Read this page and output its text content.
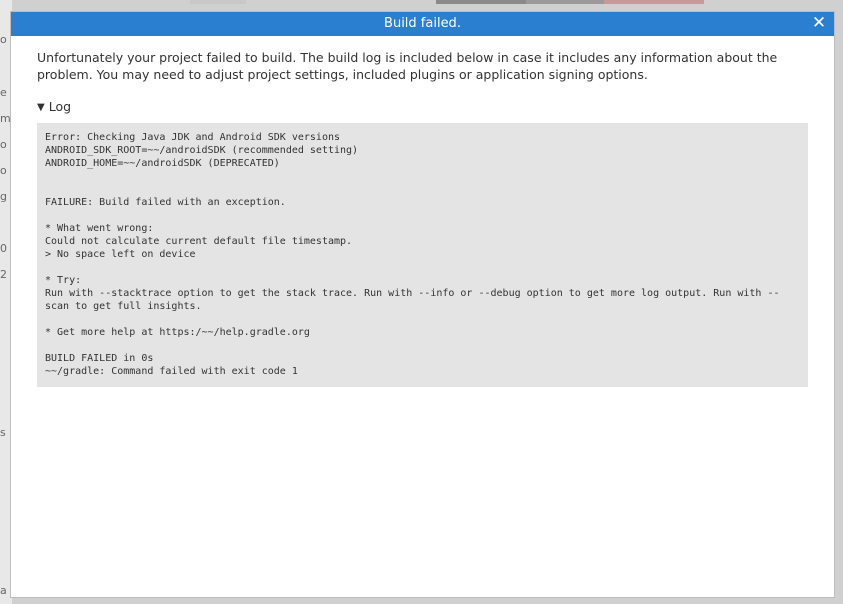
o
e
m
o
o
g
0
2
s
a
Build failed.	✕

Unfortunately your project failed to build. The build log is included below in case it includes any information about the problem. You may need to adjust project settings, included plugins or application signing options.

▼ Log
Error: Checking Java JDK and Android SDK versions
ANDROID_SDK_ROOT=~~/androidSDK (recommended setting)
ANDROID_HOME=~~/androidSDK (DEPRECATED)

FAILURE: Build failed with an exception.

* What went wrong:
Could not calculate current default file timestamp.
> No space left on device

* Try:
Run with --stacktrace option to get the stack trace. Run with --info or --debug option to get more log output. Run with --scan to get full insights.

* Get more help at https:/~~/help.gradle.org

BUILD FAILED in 0s
~~/gradle: Command failed with exit code 1
